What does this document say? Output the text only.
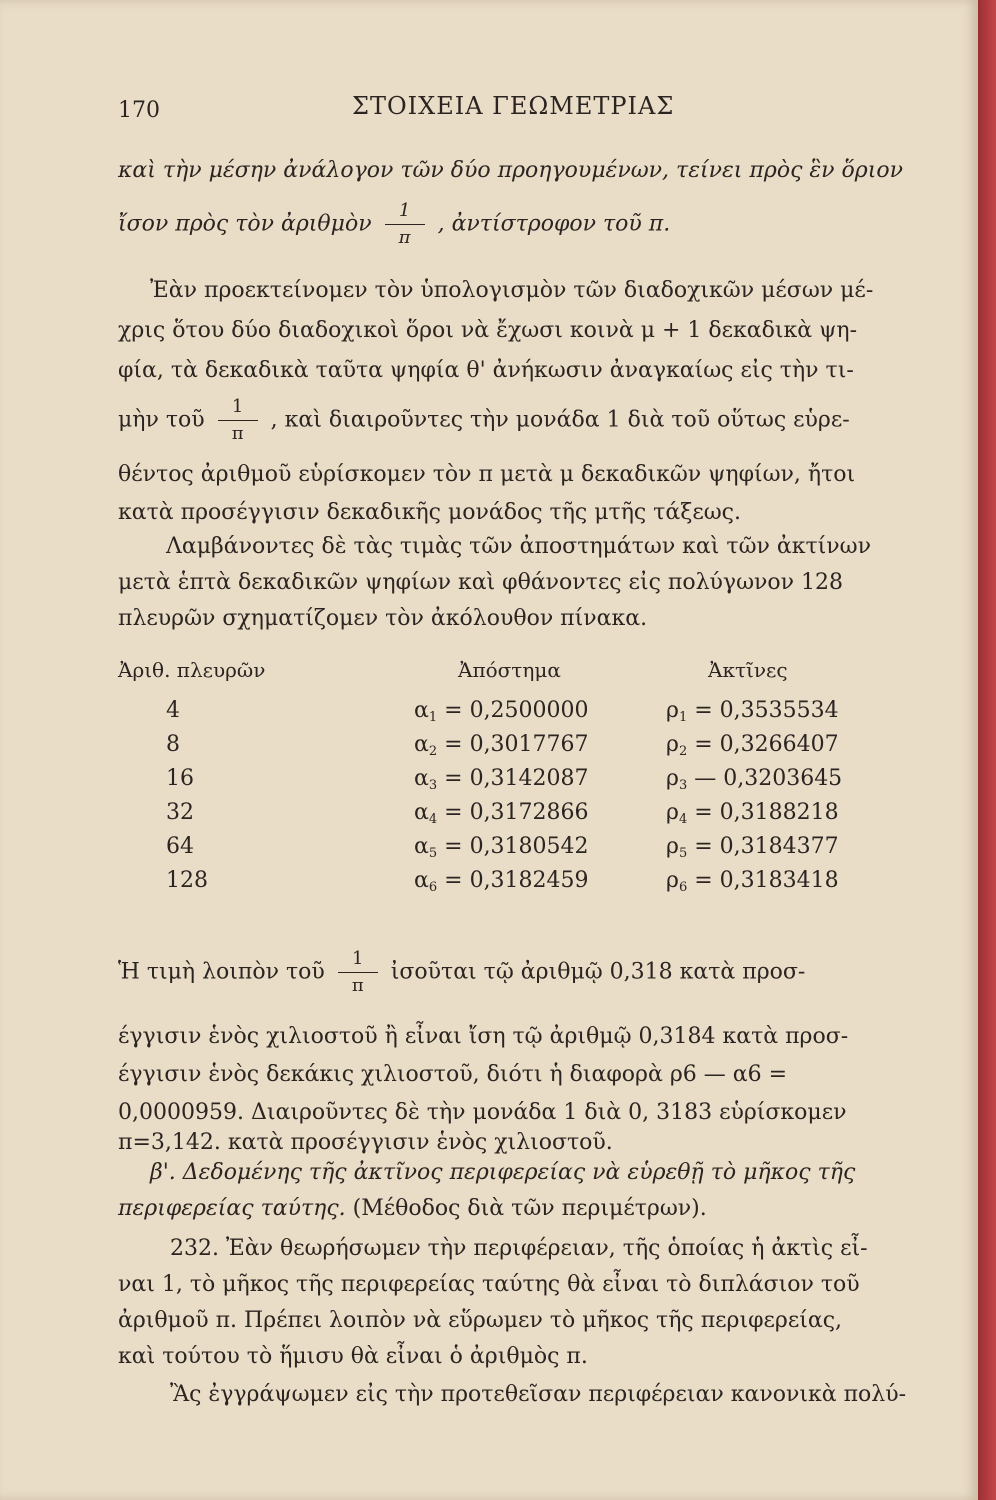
170	ΣΤΟΙΧΕΙΑ ΓΕΩΜΕΤΡΙΑΣ
καὶ τὴν μέσην ἀνάλογον τῶν δύο προηγουμένων, τείνει πρὸς ἓν ὅριον
ἴσον πρὸς τὸν ἀριθμὸν $\frac{1}{\pi}$ , ἀντίστροφον τοῦ π.
Ἐὰν προεκτείνομεν τὸν ὑπολογισμὸν τῶν διαδοχικῶν μέσων μέ-
χρις ὅτου δύο διαδοχικοὶ ὅροι νὰ ἔχωσι κοινὰ μ + 1 δεκαδικὰ ψη-
φία, τὰ δεκαδικὰ ταῦτα ψηφία θ' ἀνήκωσιν ἀναγκαίως εἰς τὴν τι-
μὴν τοῦ $\frac{1}{\pi}$ , καὶ διαιροῦντες τὴν μονάδα 1 διὰ τοῦ οὕτως εὑρε-
θέντος ἀριθμοῦ εὑρίσκομεν τὸν π μετὰ μ δεκαδικῶν ψηφίων, ἤτοι
κατὰ προσέγγισιν δεκαδικῆς μονάδος τῆς μτῆς τάξεως.
Λαμβάνοντες δὲ τὰς τιμὰς τῶν ἀποστημάτων καὶ τῶν ἀκτίνων
μετὰ ἑπτὰ δεκαδικῶν ψηφίων καὶ φθάνοντες εἰς πολύγωνον 128
πλευρῶν σχηματίζομεν τὸν ἀκόλουθον πίνακα.
Ἀριθ. πλευρῶν	Ἀπόστημα	Ἀκτῖνες
4	$\alpha_1 = 0,2500000$	$\rho_1 = 0,3535534$
8	$\alpha_2 = 0,3017767$	$\rho_2 = 0,3266407$
16	$\alpha_3 = 0,3142087$	$\rho_3$ — 0,3203645
32	$\alpha_4 = 0,3172866$	$\rho_4 = 0,3188218$
64	$\alpha_5 = 0,3180542$	$\rho_5 = 0,3184377$
128	$\alpha_6 = 0,3182459$	$\rho_6 = 0,3183418$
Ἡ τιμὴ λοιπὸν τοῦ $\frac{1}{\pi}$ ἰσοῦται τῷ ἀριθμῷ 0,318 κατὰ προσ-
έγγισιν ἑνὸς χιλιοστοῦ ἢ εἶναι ἴση τῷ ἀριθμῷ 0,3184 κατὰ προσ-
έγγισιν ἑνὸς δεκάκις χιλιοστοῦ, διότι ἡ διαφορὰ ρ6 — α6 =
0,0000959. Διαιροῦντες δὲ τὴν μονάδα 1 διὰ 0, 3183 εὑρίσκομεν
π=3,142. κατὰ προσέγγισιν ἑνὸς χιλιοστοῦ.
β'. Δεδομένης τῆς ἀκτῖνος περιφερείας νὰ εὑρεθῇ τὸ μῆκος τῆς
περιφερείας ταύτης. (Μέθοδος διὰ τῶν περιμέτρων).
232. Ἐὰν θεωρήσωμεν τὴν περιφέρειαν, τῆς ὁποίας ἡ ἀκτὶς εἶ-
ναι 1, τὸ μῆκος τῆς περιφερείας ταύτης θὰ εἶναι τὸ διπλάσιον τοῦ
ἀριθμοῦ π. Πρέπει λοιπὸν νὰ εὕρωμεν τὸ μῆκος τῆς περιφερείας,
καὶ τούτου τὸ ἥμισυ θὰ εἶναι ὁ ἀριθμὸς π.
Ἂς ἐγγράψωμεν εἰς τὴν προτεθεῖσαν περιφέρειαν κανονικὰ πολύ-
